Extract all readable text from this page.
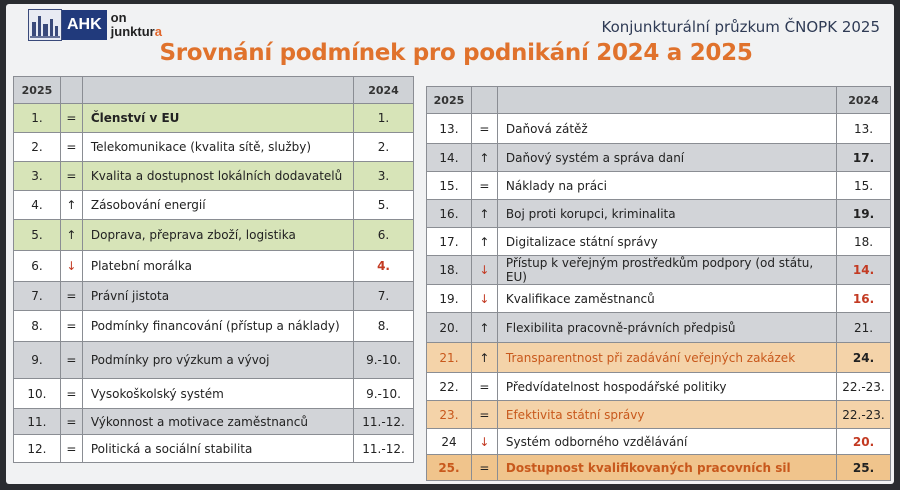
AHK on
junktura	Konjunkturální průzkum ČNOPK 2025
Srovnání podmínek pro podnikání 2024 a 2025
2025			2024
1.	=	Členství v EU	1.
2.	=	Telekomunikace (kvalita sítě, služby)	2.
3.	=	Kvalita a dostupnost lokálních dodavatelů	3.
4.	↑	Zásobování energií	5.
5.	↑	Doprava, přeprava zboží, logistika	6.
6.	↓	Platební morálka	4.
7.	=	Právní jistota	7.
8.	=	Podmínky financování (přístup a náklady)	8.
9.	=	Podmínky pro výzkum a vývoj	9.-10.
10.	=	Vysokoškolský systém	9.-10.
11.	=	Výkonnost a motivace zaměstnanců	11.-12.
12.	=	Politická a sociální stabilita	11.-12.
2025			2024
13.	=	Daňová zátěž	13.
14.	↑	Daňový systém a správa daní	17.
15.	=	Náklady na práci	15.
16.	↑	Boj proti korupci, kriminalita	19.
17.	↑	Digitalizace státní správy	18.
18.	↓	Přístup k veřejným prostředkům podpory (od státu, EU)	14.
19.	↓	Kvalifikace zaměstnanců	16.
20.	↑	Flexibilita pracovně-právních předpisů	21.
21.	↑	Transparentnost při zadávání veřejných zakázek	24.
22.	=	Předvídatelnost hospodářské politiky	22.-23.
23.	=	Efektivita státní správy	22.-23.
24	↓	Systém odborného vzdělávání	20.
25.	=	Dostupnost kvalifikovaných pracovních sil	25.
